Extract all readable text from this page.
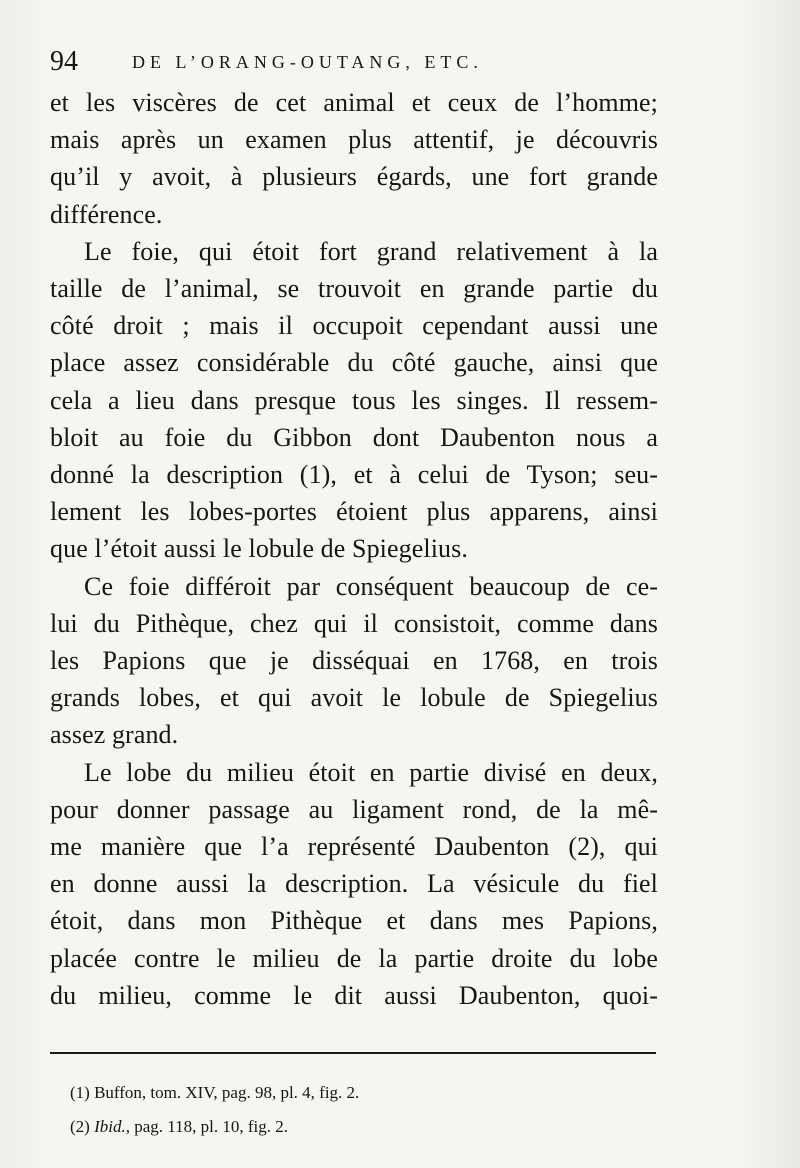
94	DE L’ORANG-OUTANG, ETC.
et les viscères de cet animal et ceux de l’homme;
mais après un examen plus attentif, je découvris
qu’il y avoit, à plusieurs égards, une fort grande
différence.
Le foie, qui étoit fort grand relativement à la
taille de l’animal, se trouvoit en grande partie du
côté droit ; mais il occupoit cependant aussi une
place assez considérable du côté gauche, ainsi que
cela a lieu dans presque tous les singes. Il ressem-
bloit au foie du Gibbon dont Daubenton nous a
donné la description (1), et à celui de Tyson; seu-
lement les lobes-portes étoient plus apparens, ainsi
que l’étoit aussi le lobule de Spiegelius.
Ce foie différoit par conséquent beaucoup de ce-
lui du Pithèque, chez qui il consistoit, comme dans
les Papions que je disséquai en 1768, en trois
grands lobes, et qui avoit le lobule de Spiegelius
assez grand.
Le lobe du milieu étoit en partie divisé en deux,
pour donner passage au ligament rond, de la mê-
me manière que l’a représenté Daubenton (2), qui
en donne aussi la description. La vésicule du fiel
étoit, dans mon Pithèque et dans mes Papions,
placée contre le milieu de la partie droite du lobe
du milieu, comme le dit aussi Daubenton, quoi-
(1) Buffon, tom. XIV, pag. 98, pl. 4, fig. 2.
(2) Ibid., pag. 118, pl. 10, fig. 2.
